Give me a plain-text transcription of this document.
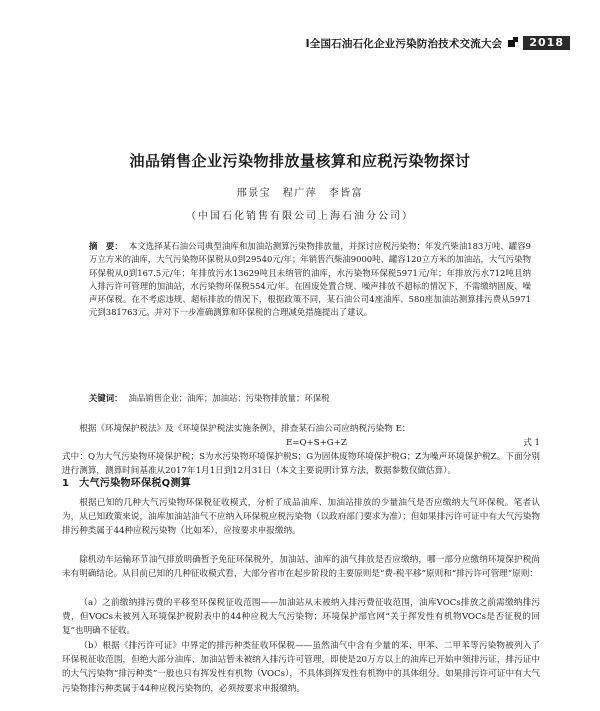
Ⅰ全国石油石化企业污染防治技术交流大会	2018
油品销售企业污染物排放量核算和应税污染物探讨
邢景宝　程广萍　李皆富
（中国石化销售有限公司上海石油分公司）

摘　要： 本文选择某石油公司典型油库和加油站测算污染物排放量，并探讨应税污染物：年发汽柴油183万吨、罐容9万立方米的油库，大气污染物环保税从0到29540元/年；年销售汽柴油9000吨、罐容120立方米的加油站，大气污染物环保税从0到167.5元/年；年排放污水13629吨且未纳管的油库，水污染物环保税5971元/年；年排放污水712吨且纳入排污许可管理的加油站，水污染物环保税554元/年。在固废处置合规、噪声排放不超标的情况下，不需缴纳固废、噪声环保税。在不考虑违规、超标排放的情况下，根据政策不同，某石油公司4座油库、580座加油站测算排污费从5971元到381763元。并对下一步准确测算和环保税的合理减免措施提出了建议。

关键词： 油品销售企业；油库；加油站；污染物排放量；环保税

根据《环境保护税法》及《环境保护税法实施条例》，排查某石油公司应纳税污染物 E：

E=Q+S+G+Z	式 1

式中：Q为大气污染物环境保护税；S为水污染物环境保护税S；G为固体废物环境保护税G；Z为噪声环境保护税Z。下面分别进行测算，测算时间基准从2017年1月1日到12月31日（本文主要说明计算方法，数据参数仅做估算）。

1 大气污染物环保税Q测算

根据已知的几种大气污染物环保税征收模式，分析了成品油库、加油站排放的少量油气是否应缴纳大气环保税。笔者认为，从已知政策来说，油库加油站油气不应纳入环保税应税污染物（以政府部门要求为准）；但如果排污许可证中有大气污染物排污种类属于44种应税污染物（比如苯），应按要求申报缴纳。

除机动车运输环节油气排放明确暂予免征环保税外，加油站、油库的油气排放是否应缴纳，哪一部分应缴纳环境保护税尚未有明确结论。从目前已知的几种征收模式看，大部分省市在起步阶段的主要原则是“费-税平移”原则和“排污许可管理”原则：

（a）之前缴纳排污费的平移至环保税征收范围——加油站从未被纳入排污费征收范围，油库VOCs排放之前需缴纳排污费，但VOCs未被列入环境保护税附表中的44种应税大气污染物；环境保护部官网“关于挥发性有机物VOCs是否征税的回复”也明确不征收。

（b）根据《排污许可证》中界定的排污种类征收环保税——虽然油气中含有少量的苯、甲苯、二甲苯等污染物被列入了环保税征收范围，但绝大部分油库、加油站暂未被纳入排污许可管理，即使是20万方以上的油库已开始申领排污证，排污证中的大气污染物“排污种类”一般也只有挥发性有机物（VOCs），不具体到挥发性有机物中的具体组分。如果排污许可证中有大气污染物排污种类属于44种应税污染物的，必须按要求申报缴纳。
